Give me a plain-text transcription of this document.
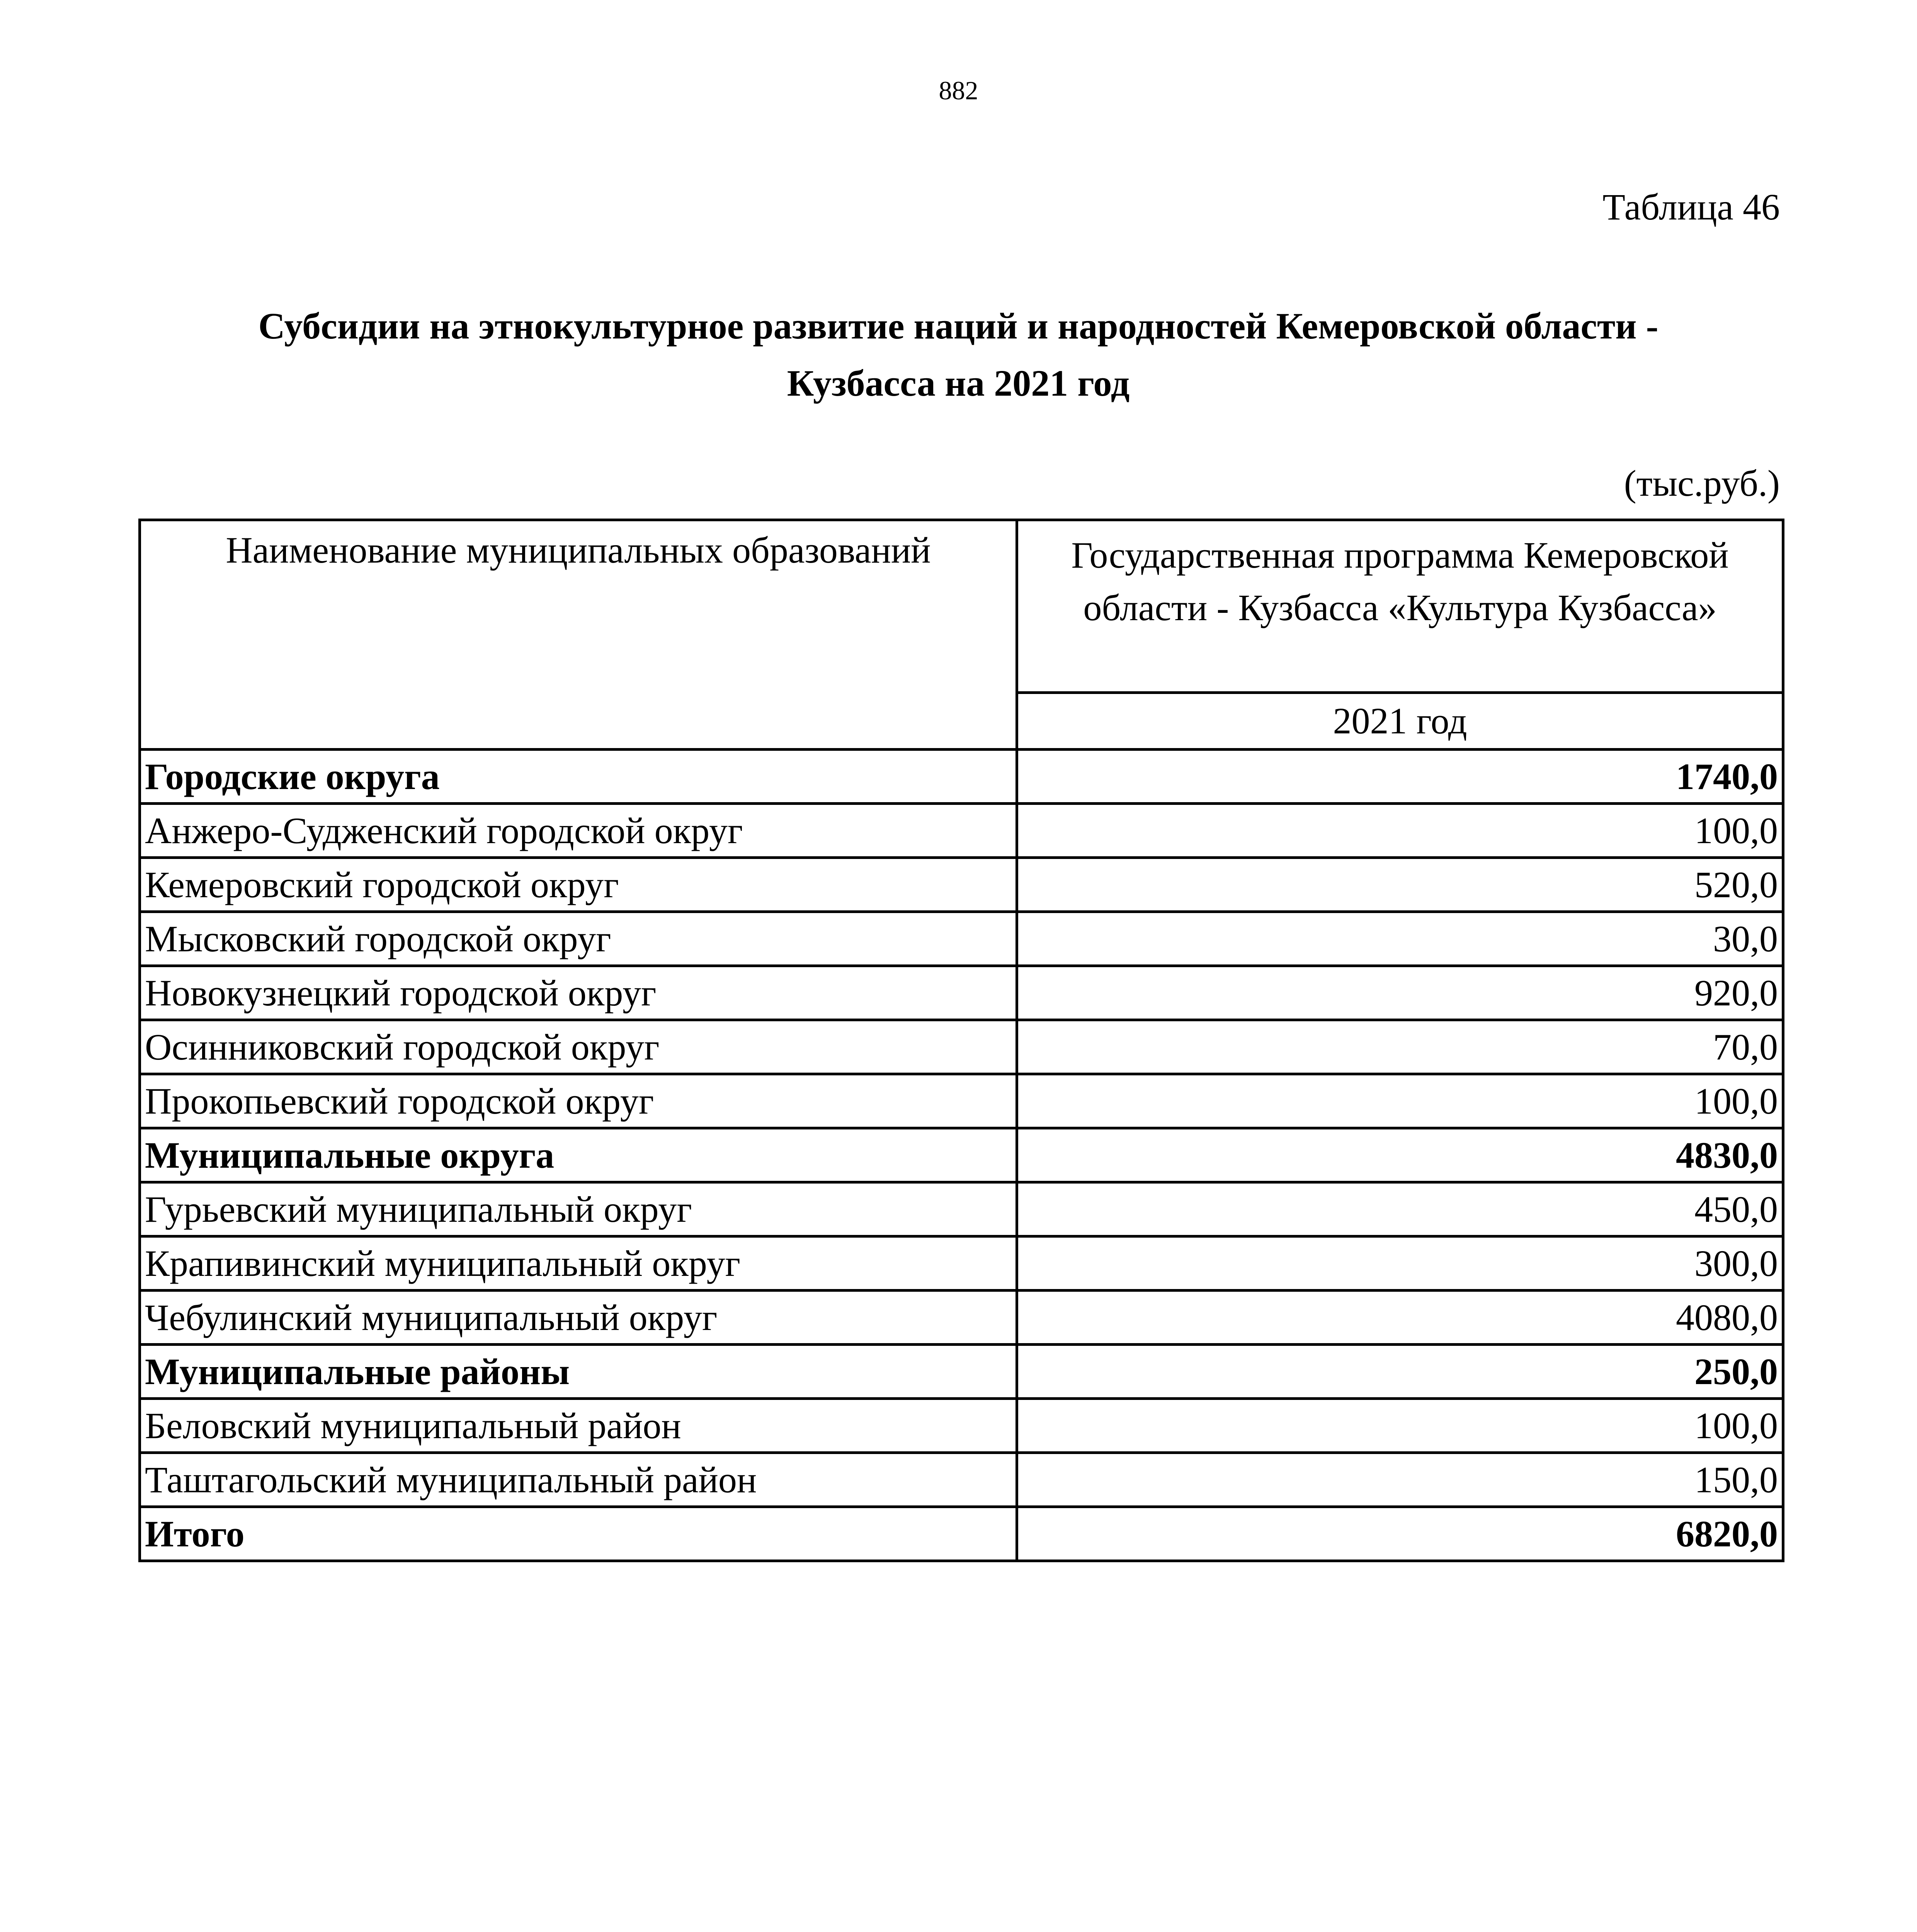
882
Таблица 46
Субсидии на этнокультурное развитие наций и народностей Кемеровской области -
Кузбасса на 2021 год
(тыс.руб.)
Наименование муниципальных образований	Государственная программа Кемеровской
области - Кузбасса «Культура Кузбасса»

	2021 год
Городские округа	1740,0
Анжеро-Судженский городской округ	100,0
Кемеровский городской округ	520,0
Мысковский городской округ	30,0
Новокузнецкий городской округ	920,0
Осинниковский городской округ	70,0
Прокопьевский городской округ	100,0
Муниципальные округа	4830,0
Гурьевский муниципальный округ	450,0
Крапивинский муниципальный округ	300,0
Чебулинский муниципальный округ	4080,0
Муниципальные районы	250,0
Беловский муниципальный район	100,0
Таштагольский муниципальный район	150,0
Итого	6820,0
